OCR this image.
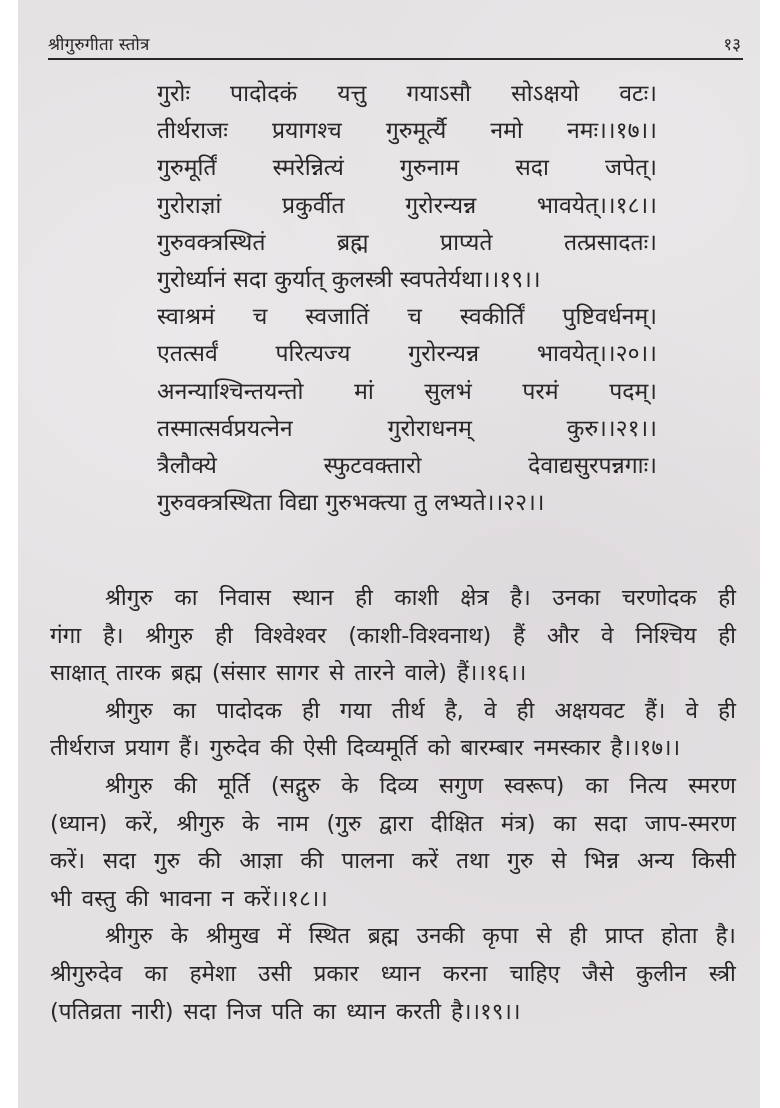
श्रीगुरुगीता स्तोत्र	१३
गुरोः पादोदकं यत्तु गयाऽसौ सोऽक्षयो वटः।
तीर्थराजः प्रयागश्च गुरुमूर्त्यै नमो नमः।।१७।।
गुरुमूर्तिं स्मरेन्नित्यं गुरुनाम सदा जपेत्।
गुरोराज्ञां	प्रकुर्वीत	गुरोरन्यन्न	भावयेत्।।१८।।
गुरुवक्त्रस्थितं	ब्रह्म	प्राप्यते	तत्प्रसादतः।
गुरोर्ध्यानं सदा कुर्यात् कुलस्त्री स्वपतेर्यथा।।१९।।
स्वाश्रमं च स्वजातिं च स्वकीर्तिं पुष्टिवर्धनम्।
एतत्सर्वं	परित्यज्य	गुरोरन्यन्न	भावयेत्।।२०।।
अनन्याश्चिन्तयन्तो मां सुलभं परमं पदम्।
तस्मात्सर्वप्रयत्नेन	गुरोराधनम्	कुरु।।२१।।
त्रैलौक्ये	स्फुटवक्तारो	देवाद्यसुरपन्नगाः।
गुरुवक्त्रस्थिता विद्या गुरुभक्त्या तु लभ्यते।।२२।।
श्रीगुरु का निवास स्थान ही काशी क्षेत्र है। उनका चरणोदक ही
गंगा है। श्रीगुरु ही विश्वेश्वर (काशी-विश्वनाथ) हैं और वे निश्चिय ही
साक्षात् तारक ब्रह्म (संसार सागर से तारने वाले) हैं।।१६।।
श्रीगुरु का पादोदक ही गया तीर्थ है, वे ही अक्षयवट हैं। वे ही
तीर्थराज प्रयाग हैं। गुरुदेव की ऐसी दिव्यमूर्ति को बारम्बार नमस्कार है।।१७।।
श्रीगुरु की मूर्ति (सद्गुरु के दिव्य सगुण स्वरूप) का नित्य स्मरण
(ध्यान) करें, श्रीगुरु के नाम (गुरु द्वारा दीक्षित मंत्र) का सदा जाप-स्मरण
करें। सदा गुरु की आज्ञा की पालना करें तथा गुरु से भिन्न अन्य किसी
भी वस्तु की भावना न करें।।१८।।
श्रीगुरु के श्रीमुख में स्थित ब्रह्म उनकी कृपा से ही प्राप्त होता है।
श्रीगुरुदेव का हमेशा उसी प्रकार ध्यान करना चाहिए जैसे कुलीन स्त्री
(पतिव्रता नारी) सदा निज पति का ध्यान करती है।।१९।।
